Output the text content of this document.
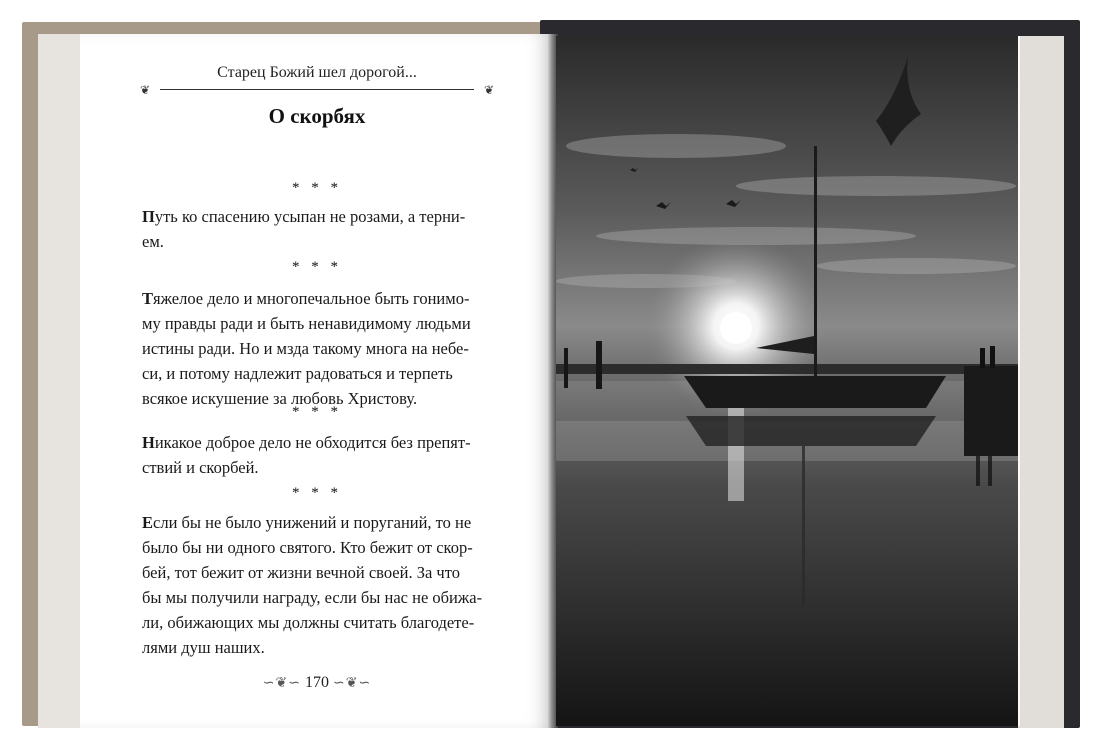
Старец Божий шел дорогой...
❦	❦
О скорбях
* * *
Путь ко спасению усыпан не розами, а терни-
ем.
* * *
Тяжелое дело и многопечальное быть гонимо-
му правды ради и быть ненавидимому людьми
истины ради. Но и мзда такому многа на небе-
си, и потому надлежит радоваться и терпеть
всякое искушение за любовь Христову.
* * *
Никакое доброе дело не обходится без препят-
ствий и скорбей.
* * *
Если бы не было унижений и поруганий, то не
было бы ни одного святого. Кто бежит от скор-
бей, тот бежит от жизни вечной своей. За что
бы мы получили награду, если бы нас не обижа-
ли, обижающих мы должны считать благодете-
лями душ наших.
∽❦∽ 170 ∽❦∽
